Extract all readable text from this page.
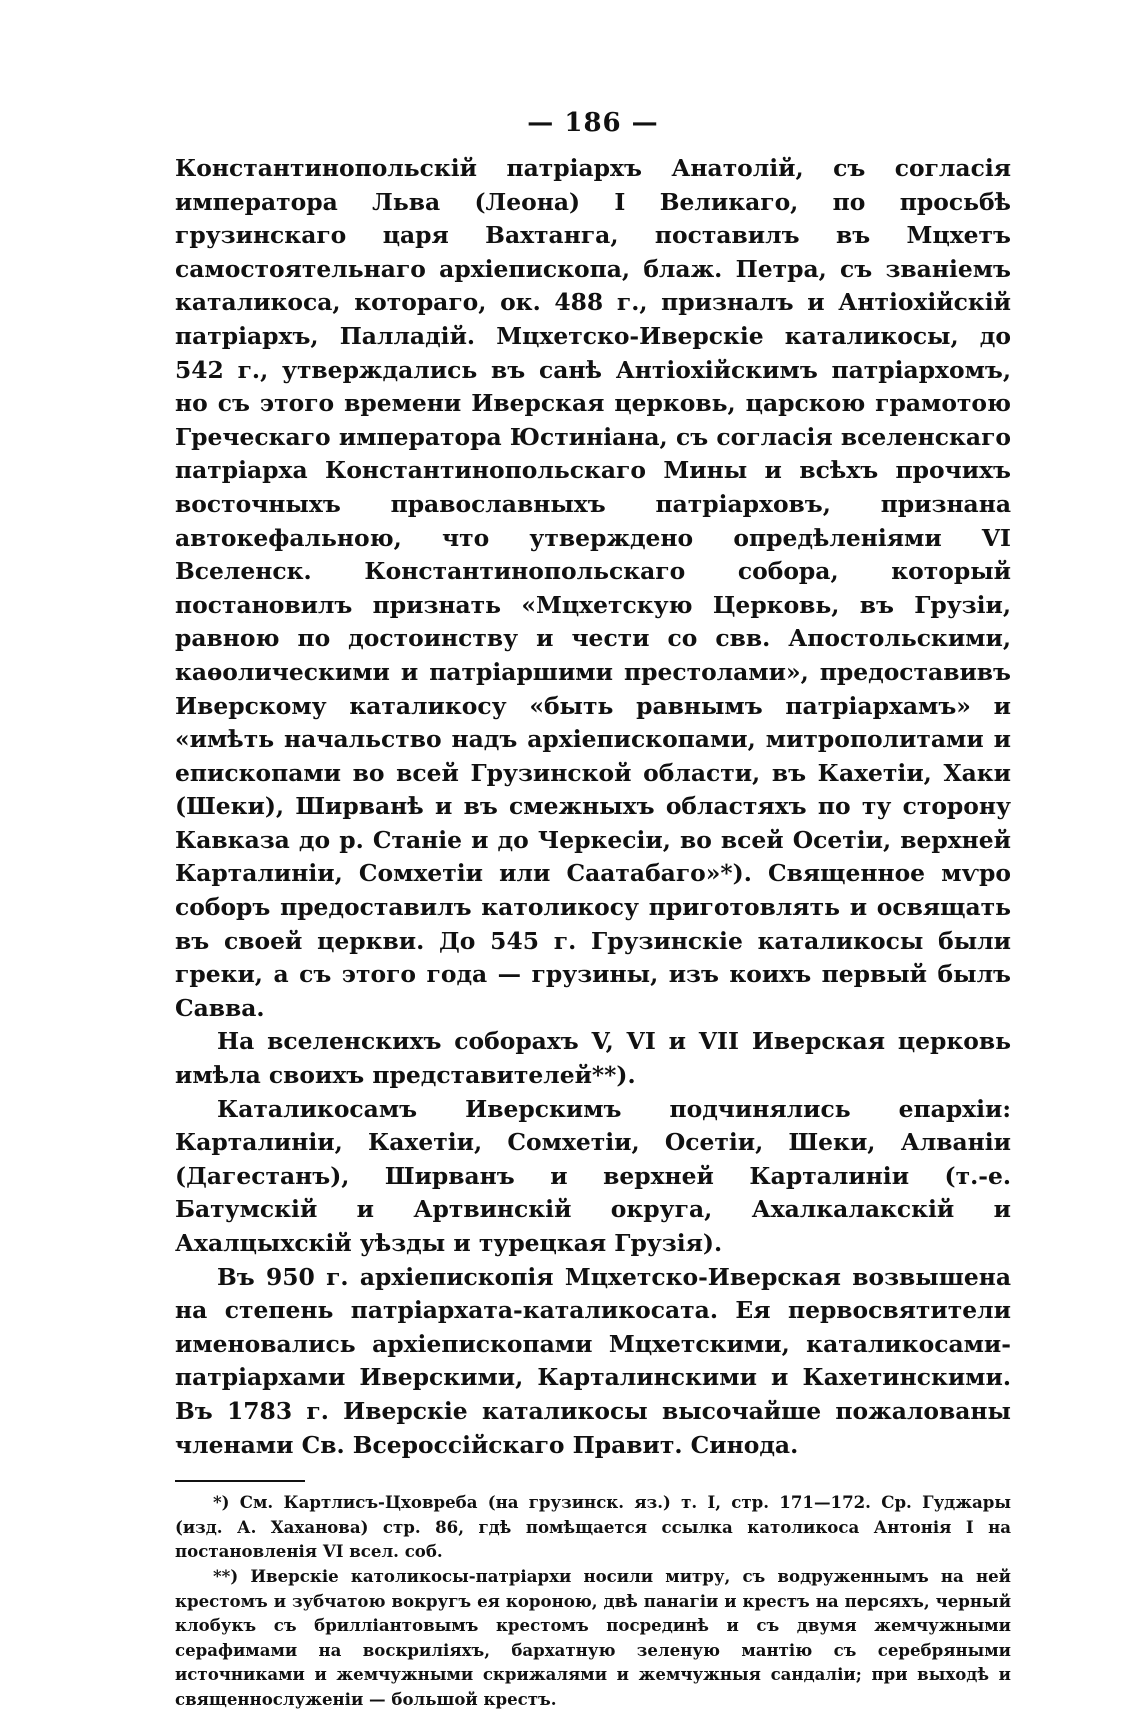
— 186 —

Константинопольскій патріархъ Анатолій, съ согласія императора Льва (Леона) I Великаго, по просьбѣ грузинскаго царя Вахтанга, поставилъ въ Мцхетъ самостоятельнаго архіепископа, блаж. Петра, съ званіемъ каталикоса, котораго, ок. 488 г., призналъ и Антіохійскій патріархъ, Палладій. Мцхетско-Иверскіе каталикосы, до 542 г., утверждались въ санѣ Антіохійскимъ патріархомъ, но съ этого времени Иверская церковь, царскою грамотою Греческаго императора Юстиніана, съ согласія вселенскаго патріарха Константинопольскаго Мины и всѣхъ прочихъ восточныхъ православныхъ патріарховъ, признана автокефальною, что утверждено опредѣленіями VI Вселенск. Константинопольскаго собора, который постановилъ признать «Мцхетскую Церковь, въ Грузіи, равною по достоинству и чести со свв. Апостольскими, каѳолическими и патріаршими престолами», предоставивъ Иверскому каталикосу «быть равнымъ патріархамъ» и «имѣть начальство надъ архіепископами, митрополитами и епископами во всей Грузинской области, въ Кахетіи, Хаки (Шеки), Ширванѣ и въ смежныхъ областяхъ по ту сторону Кавказа до р. Станіе и до Черкесіи, во всей Осетіи, верхней Карталиніи, Сомхетіи или Саатабаго»*). Священное мѵро соборъ предоставилъ католикосу приготовлять и освящать въ своей церкви. До 545 г. Грузинскіе каталикосы были греки, а съ этого года — грузины, изъ коихъ первый былъ Савва.

На вселенскихъ соборахъ V, VI и VII Иверская церковь имѣла своихъ представителей**).

Каталикосамъ Иверскимъ подчинялись епархіи: Карталиніи, Кахетіи, Сомхетіи, Осетіи, Шеки, Алваніи (Дагестанъ), Ширванъ и верхней Карталиніи (т.-е. Батумскій и Артвинскій округа, Ахалкалакскій и Ахалцыхскій уѣзды и турецкая Грузія).

Въ 950 г. архіепископія Мцхетско-Иверская возвышена на степень патріархата-каталикосата. Ея первосвятители именовались архіепископами Мцхетскими, каталикосами-патріархами Иверскими, Карталинскими и Кахетинскими. Въ 1783 г. Иверскіе каталикосы высочайше пожалованы членами Св. Всероссійскаго Правит. Синода.

*) См. Картлисъ-Цховреба (на грузинск. яз.) т. I, стр. 171—172. Ср. Гуджары (изд. А. Хаханова) стр. 86, гдѣ помѣщается ссылка католикоса Антонія I на постановленія VI всел. соб.

**) Иверскіе католикосы-патріархи носили митру, съ водруженнымъ на ней крестомъ и зубчатою вокругъ ея короною, двѣ панагіи и крестъ на персяхъ, черный клобукъ съ брилліантовымъ крестомъ посрединѣ и съ двумя жемчужными серафимами на воскриліяхъ, бархатную зеленую мантію съ серебряными источниками и жемчужными скрижалями и жемчужныя сандаліи; при выходѣ и священнослуженіи — большой крестъ.
